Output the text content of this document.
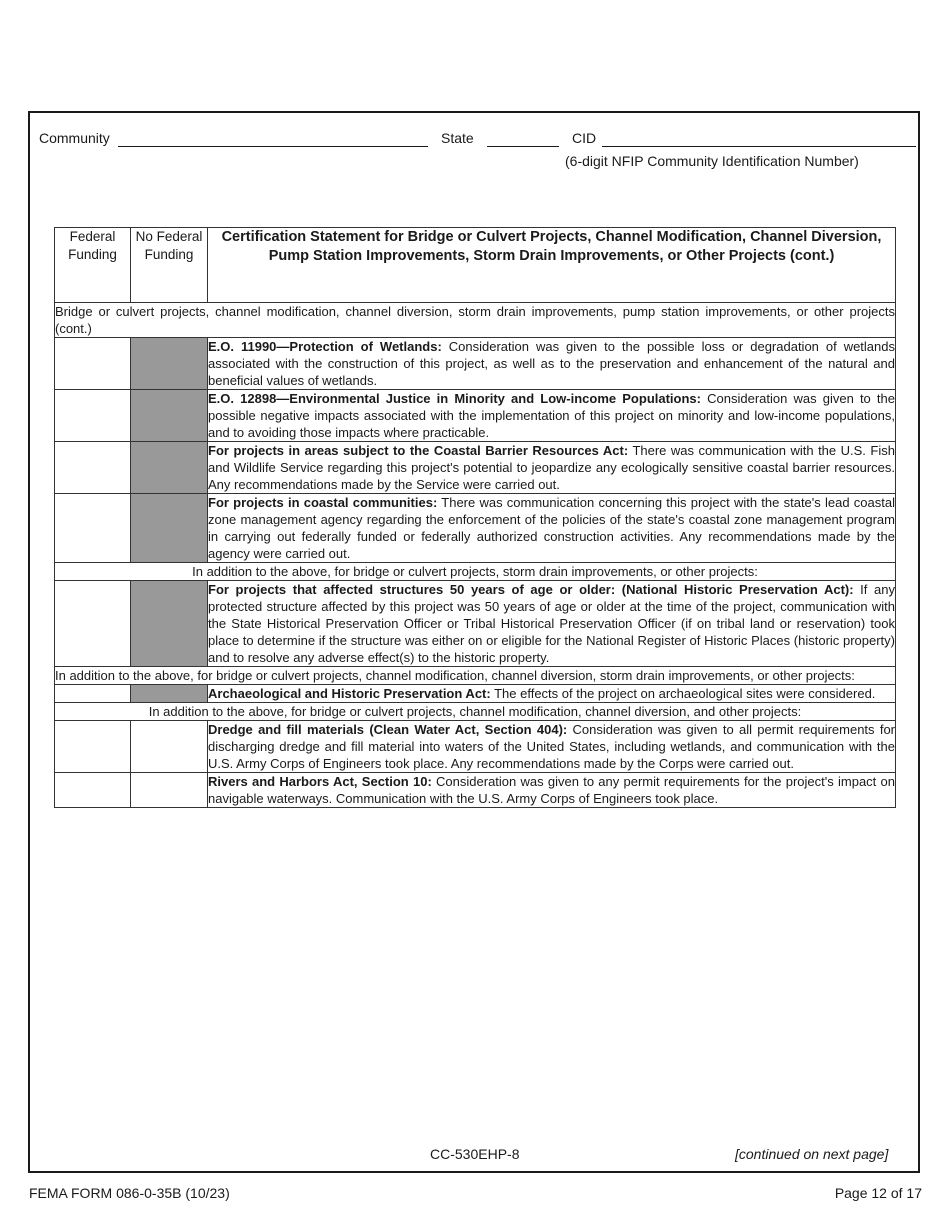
Community	State	CID
(6-digit NFIP Community Identification Number)
Federal Funding	No Federal Funding	Certification Statement for Bridge or Culvert Projects, Channel Modification, Channel Diversion, Pump Station Improvements, Storm Drain Improvements, or Other Projects (cont.)
Bridge or culvert projects, channel modification, channel diversion, storm drain improvements, pump station improvements, or other projects (cont.)		
		E.O. 11990—Protection of Wetlands: Consideration was given to the possible loss or degradation of wetlands associated with the construction of this project, as well as to the preservation and enhancement of the natural and beneficial values of wetlands.
		E.O. 12898—Environmental Justice in Minority and Low-income Populations: Consideration was given to the possible negative impacts associated with the implementation of this project on minority and low-income populations, and to avoiding those impacts where practicable.
		For projects in areas subject to the Coastal Barrier Resources Act: There was communication with the U.S. Fish and Wildlife Service regarding this project's potential to jeopardize any ecologically sensitive coastal barrier resources. Any recommendations made by the Service were carried out.
		For projects in coastal communities: There was communication concerning this project with the state's lead coastal zone management agency regarding the enforcement of the policies of the state's coastal zone management program in carrying out federally funded or federally authorized construction activities. Any recommendations made by the agency were carried out.
In addition to the above, for bridge or culvert projects, storm drain improvements, or other projects:		
		For projects that affected structures 50 years of age or older: (National Historic Preservation Act): If any protected structure affected by this project was 50 years of age or older at the time of the project, communication with the State Historical Preservation Officer or Tribal Historical Preservation Officer (if on tribal land or reservation) took place to determine if the structure was either on or eligible for the National Register of Historic Places (historic property) and to resolve any adverse effect(s) to the historic property.
In addition to the above, for bridge or culvert projects, channel modification, channel diversion, storm drain improvements, or other projects:		
		Archaeological and Historic Preservation Act: The effects of the project on archaeological sites were considered.
In addition to the above, for bridge or culvert projects, channel modification, channel diversion, and other projects:		
		Dredge and fill materials (Clean Water Act, Section 404): Consideration was given to all permit requirements for discharging dredge and fill material into waters of the United States, including wetlands, and communication with the U.S. Army Corps of Engineers took place. Any recommendations made by the Corps were carried out.
		Rivers and Harbors Act, Section 10: Consideration was given to any permit requirements for the project's impact on navigable waterways. Communication with the U.S. Army Corps of Engineers took place.
CC-530EHP-8	[continued on next page]
FEMA FORM 086-0-35B (10/23)	Page 12 of 17
